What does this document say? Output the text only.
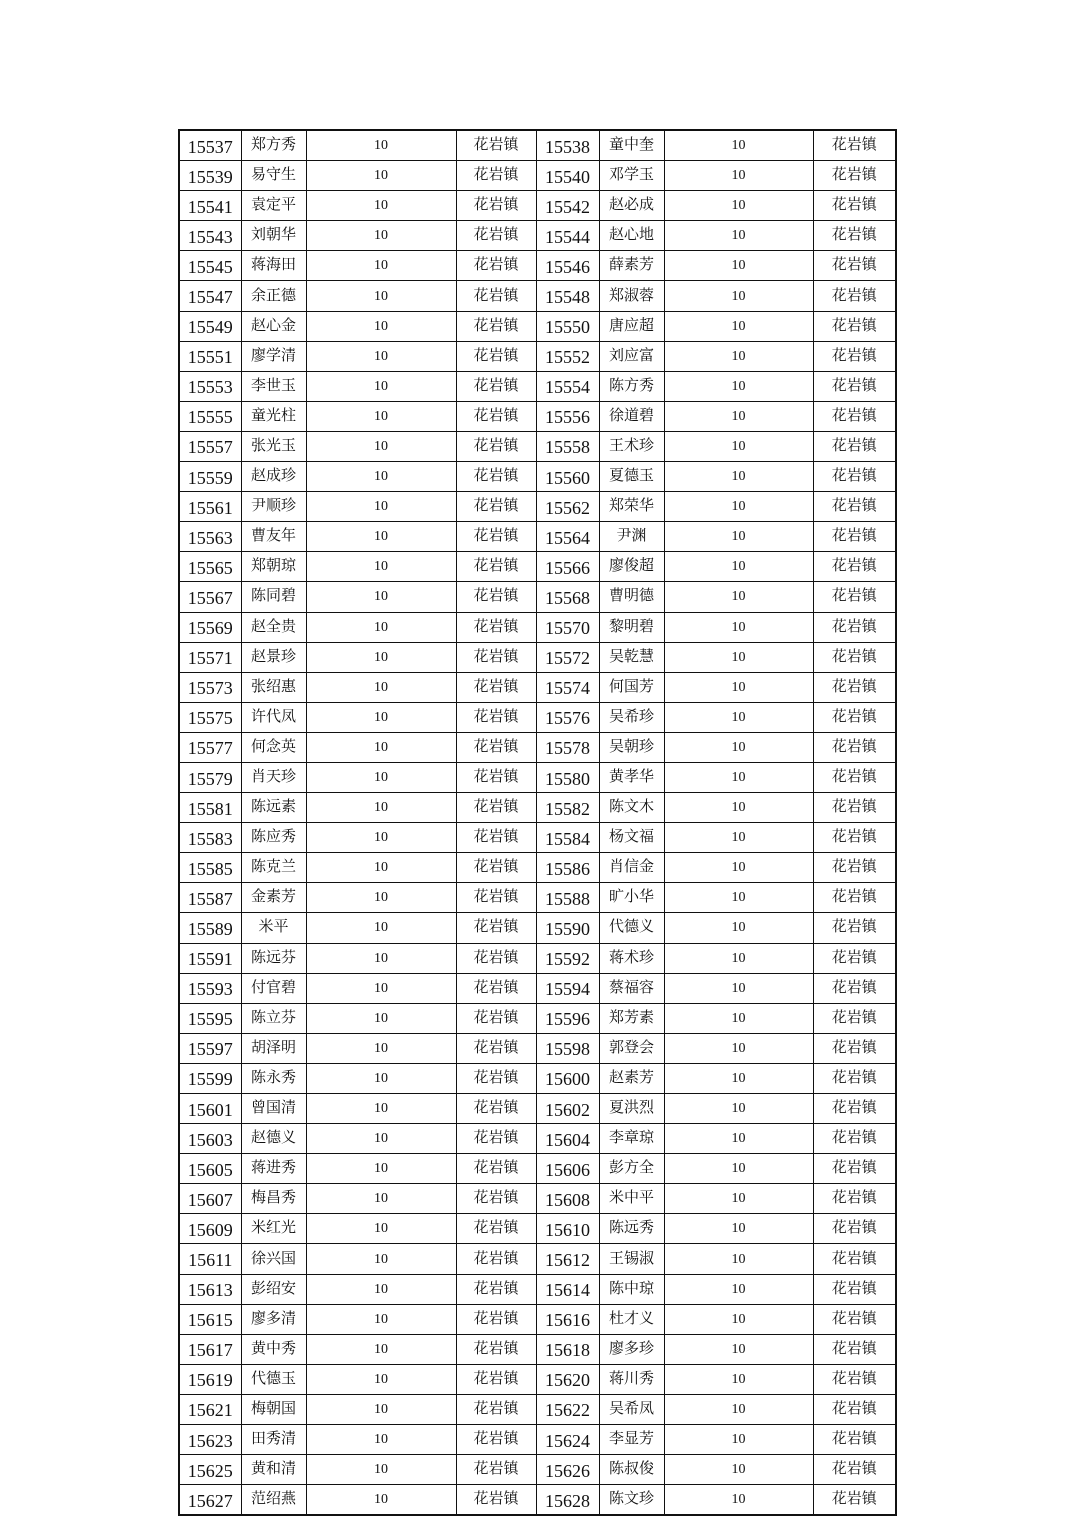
15537	郑方秀	10	花岩镇	15538	童中奎	10	花岩镇
15539	易守生	10	花岩镇	15540	邓学玉	10	花岩镇
15541	袁定平	10	花岩镇	15542	赵必成	10	花岩镇
15543	刘朝华	10	花岩镇	15544	赵心地	10	花岩镇
15545	蒋海田	10	花岩镇	15546	薛素芳	10	花岩镇
15547	余正德	10	花岩镇	15548	郑淑蓉	10	花岩镇
15549	赵心金	10	花岩镇	15550	唐应超	10	花岩镇
15551	廖学清	10	花岩镇	15552	刘应富	10	花岩镇
15553	李世玉	10	花岩镇	15554	陈方秀	10	花岩镇
15555	童光柱	10	花岩镇	15556	徐道碧	10	花岩镇
15557	张光玉	10	花岩镇	15558	王术珍	10	花岩镇
15559	赵成珍	10	花岩镇	15560	夏德玉	10	花岩镇
15561	尹顺珍	10	花岩镇	15562	郑荣华	10	花岩镇
15563	曹友年	10	花岩镇	15564	尹渊	10	花岩镇
15565	郑朝琼	10	花岩镇	15566	廖俊超	10	花岩镇
15567	陈同碧	10	花岩镇	15568	曹明德	10	花岩镇
15569	赵全贵	10	花岩镇	15570	黎明碧	10	花岩镇
15571	赵景珍	10	花岩镇	15572	吴乾慧	10	花岩镇
15573	张绍惠	10	花岩镇	15574	何国芳	10	花岩镇
15575	许代凤	10	花岩镇	15576	吴希珍	10	花岩镇
15577	何念英	10	花岩镇	15578	吴朝珍	10	花岩镇
15579	肖天珍	10	花岩镇	15580	黄孝华	10	花岩镇
15581	陈远素	10	花岩镇	15582	陈文木	10	花岩镇
15583	陈应秀	10	花岩镇	15584	杨文福	10	花岩镇
15585	陈克兰	10	花岩镇	15586	肖信金	10	花岩镇
15587	金素芳	10	花岩镇	15588	旷小华	10	花岩镇
15589	米平	10	花岩镇	15590	代德义	10	花岩镇
15591	陈远芬	10	花岩镇	15592	蒋术珍	10	花岩镇
15593	付官碧	10	花岩镇	15594	蔡福容	10	花岩镇
15595	陈立芬	10	花岩镇	15596	郑芳素	10	花岩镇
15597	胡泽明	10	花岩镇	15598	郭登会	10	花岩镇
15599	陈永秀	10	花岩镇	15600	赵素芳	10	花岩镇
15601	曾国清	10	花岩镇	15602	夏洪烈	10	花岩镇
15603	赵德义	10	花岩镇	15604	李章琼	10	花岩镇
15605	蒋进秀	10	花岩镇	15606	彭方全	10	花岩镇
15607	梅昌秀	10	花岩镇	15608	米中平	10	花岩镇
15609	米红光	10	花岩镇	15610	陈远秀	10	花岩镇
15611	徐兴国	10	花岩镇	15612	王锡淑	10	花岩镇
15613	彭绍安	10	花岩镇	15614	陈中琼	10	花岩镇
15615	廖多清	10	花岩镇	15616	杜才义	10	花岩镇
15617	黄中秀	10	花岩镇	15618	廖多珍	10	花岩镇
15619	代德玉	10	花岩镇	15620	蒋川秀	10	花岩镇
15621	梅朝国	10	花岩镇	15622	吴希凤	10	花岩镇
15623	田秀清	10	花岩镇	15624	李显芳	10	花岩镇
15625	黄和清	10	花岩镇	15626	陈叔俊	10	花岩镇
15627	范绍燕	10	花岩镇	15628	陈文珍	10	花岩镇
